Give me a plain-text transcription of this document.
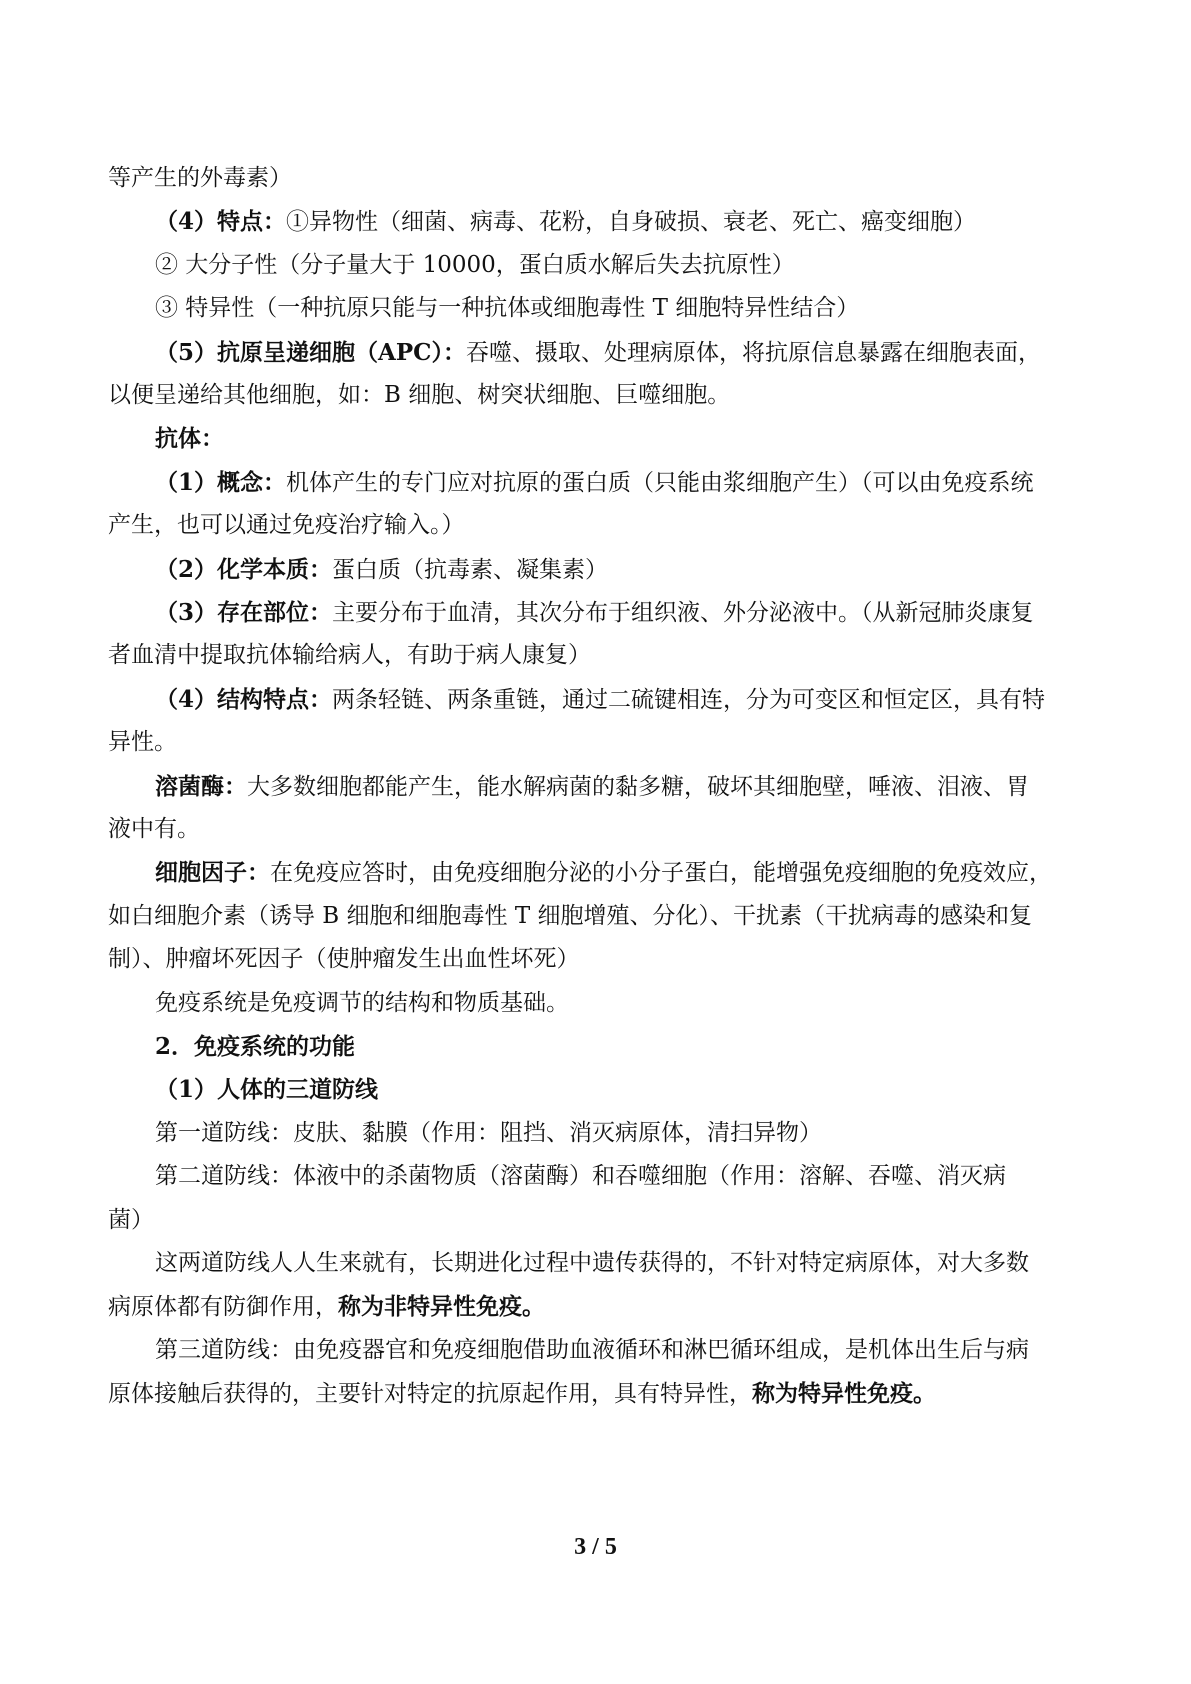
等产生的外毒素）

（4）特点：①异物性（细菌、病毒、花粉，自身破损、衰老、死亡、癌变细胞）

② 大分子性（分子量大于 10000，蛋白质水解后失去抗原性）

③ 特异性（一种抗原只能与一种抗体或细胞毒性 T 细胞特异性结合）

（5）抗原呈递细胞（APC）：吞噬、摄取、处理病原体，将抗原信息暴露在细胞表面，

以便呈递给其他细胞，如：B 细胞、树突状细胞、巨噬细胞。

抗体：

（1）概念：机体产生的专门应对抗原的蛋白质（只能由浆细胞产生）（可以由免疫系统

产生，也可以通过免疫治疗输入。）

（2）化学本质：蛋白质（抗毒素、凝集素）

（3）存在部位：主要分布于血清，其次分布于组织液、外分泌液中。（从新冠肺炎康复

者血清中提取抗体输给病人，有助于病人康复）

（4）结构特点：两条轻链、两条重链，通过二硫键相连，分为可变区和恒定区，具有特

异性。

溶菌酶：大多数细胞都能产生，能水解病菌的黏多糖，破坏其细胞壁，唾液、泪液、胃

液中有。

细胞因子：在免疫应答时，由免疫细胞分泌的小分子蛋白，能增强免疫细胞的免疫效应，

如白细胞介素（诱导 B 细胞和细胞毒性 T 细胞增殖、分化）、干扰素（干扰病毒的感染和复

制）、肿瘤坏死因子（使肿瘤发生出血性坏死）

免疫系统是免疫调节的结构和物质基础。

2．免疫系统的功能

（1）人体的三道防线

第一道防线：皮肤、黏膜（作用：阻挡、消灭病原体，清扫异物）

第二道防线：体液中的杀菌物质（溶菌酶）和吞噬细胞（作用：溶解、吞噬、消灭病

菌）

这两道防线人人生来就有，长期进化过程中遗传获得的，不针对特定病原体，对大多数

病原体都有防御作用，称为非特异性免疫。

第三道防线：由免疫器官和免疫细胞借助血液循环和淋巴循环组成，是机体出生后与病

原体接触后获得的，主要针对特定的抗原起作用，具有特异性，称为特异性免疫。

3 / 5
